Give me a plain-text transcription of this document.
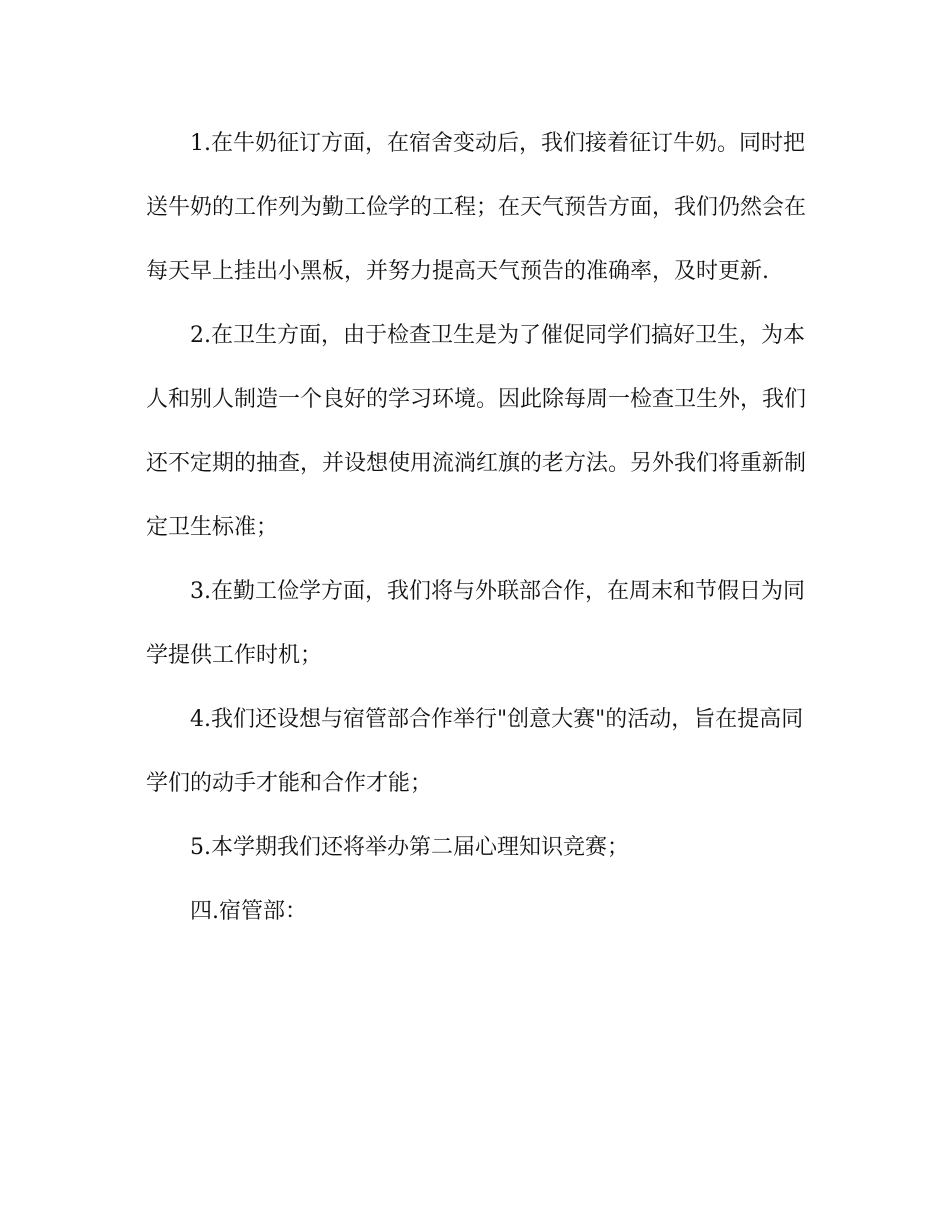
1.在牛奶征订方面，在宿舍变动后，我们接着征订牛奶。同时把
送牛奶的工作列为勤工俭学的工程；在天气预告方面，我们仍然会在
每天早上挂出小黑板，并努力提高天气预告的准确率，及时更新.
2.在卫生方面，由于检查卫生是为了催促同学们搞好卫生，为本
人和别人制造一个良好的学习环境。因此除每周一检查卫生外，我们
还不定期的抽查，并设想使用流淌红旗的老方法。另外我们将重新制
定卫生标准；
3.在勤工俭学方面，我们将与外联部合作，在周末和节假日为同
学提供工作时机；
4.我们还设想与宿管部合作举行"创意大赛"的活动，旨在提高同
学们的动手才能和合作才能；
5.本学期我们还将举办第二届心理知识竞赛；
四.宿管部：
